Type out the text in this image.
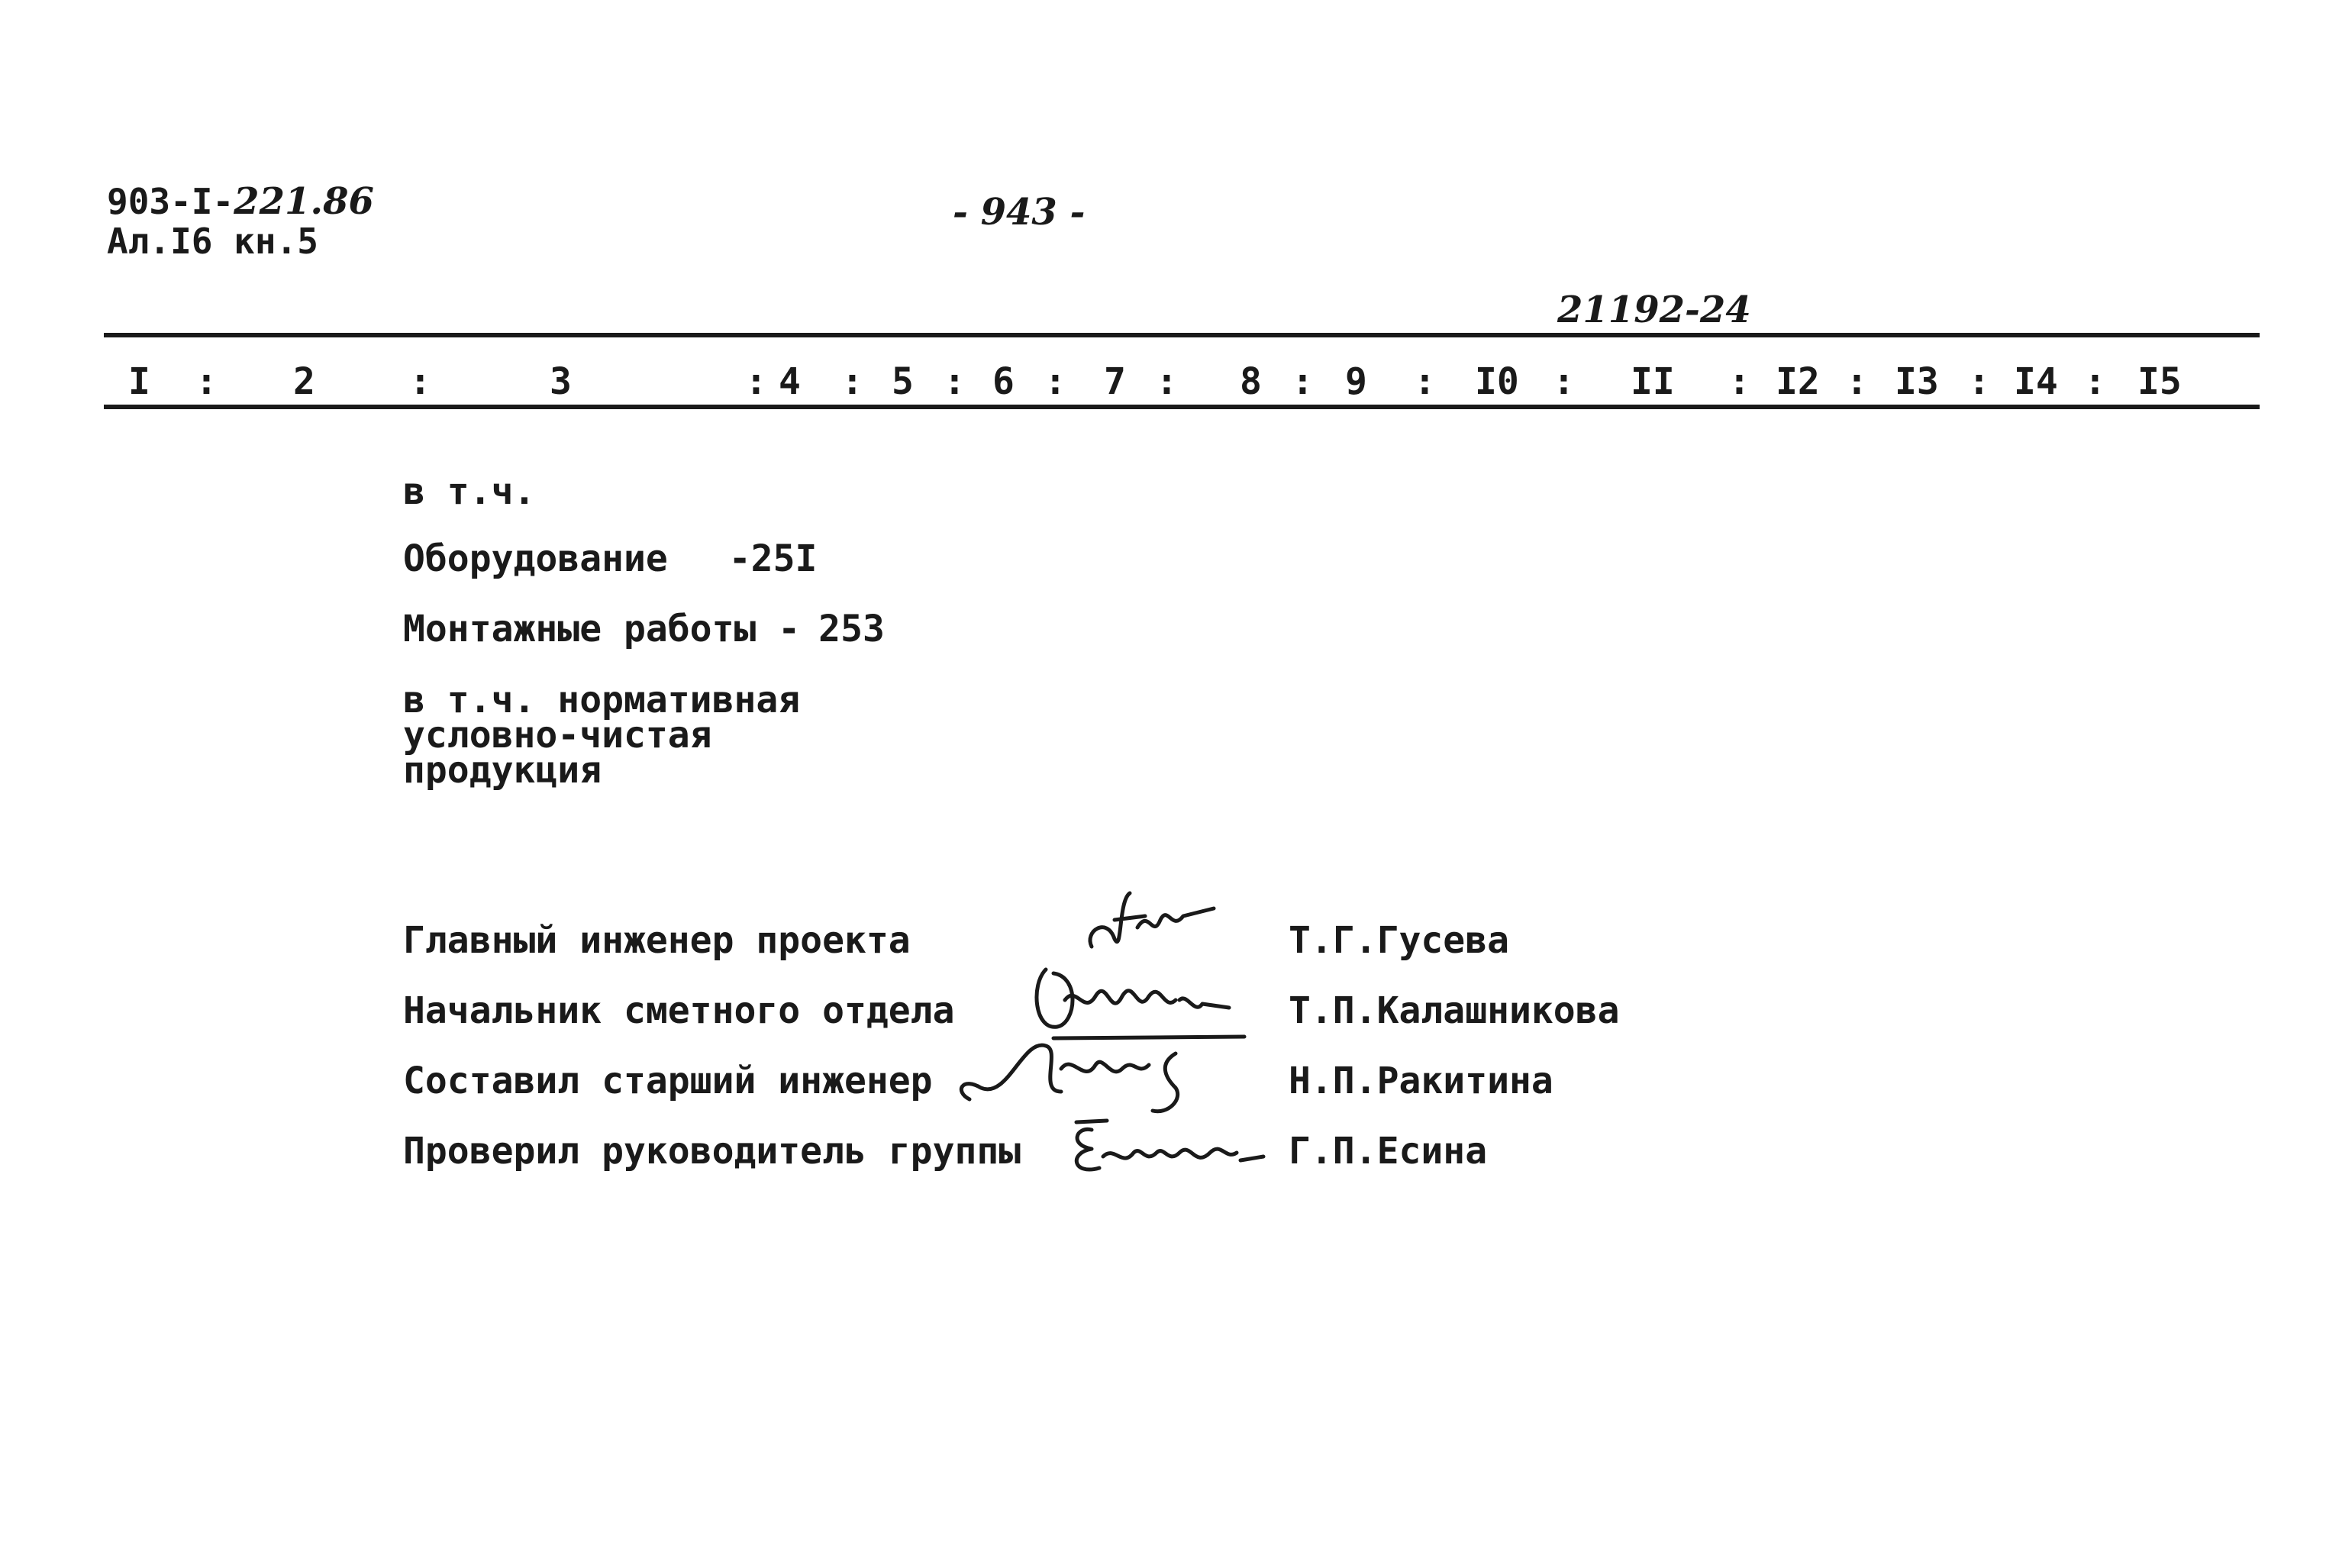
903-I-221.86
Ал.I6 кн.5
- 943 -
21192-24
I : 2	:	3	: 4 : 5 : 6 : 7 : 8 : 9 : I0 : II : I2 : I3 : I4 : I5
в т.ч.
Оборудование -25I
Монтажные работы - 253
в т.ч. нормативная
условно-чистая
продукция
Главный инженер проекта	Т.Г.Гусева
Начальник сметного отдела	Т.П.Калашникова
Составил старший инженер	Н.П.Ракитина
Проверил руководитель группы	Г.П.Есина
